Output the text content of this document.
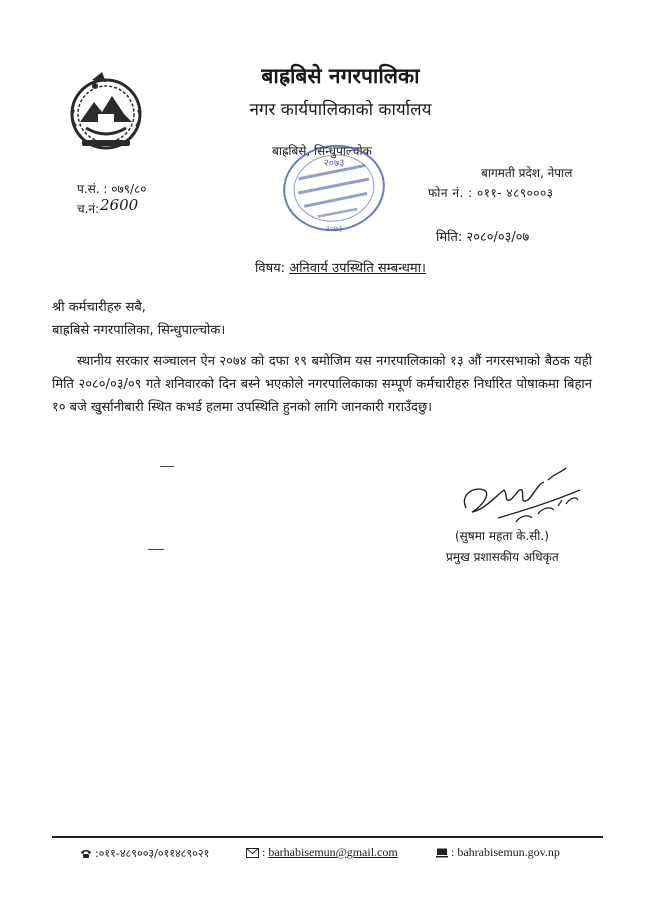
बाह्रबिसे नगरपालिका
नगर कार्यपालिकाको कार्यालय
बाह्रबिसे, सिन्धुपाल्चोक
बागमती प्रदेश, नेपाल
फोन नं. : ०११- ४८९०००३
२०७३
२०७३
प.सं. : ०७९/८०
च.नं: 2600
मिति: २०८०/०३/०७
विषय: अनिवार्य उपस्थिति सम्बन्धमा।
श्री कर्मचारीहरु सबै,
बाह्रबिसे नगरपालिका, सिन्धुपाल्चोक।
स्थानीय सरकार सञ्चालन ऐन २०७४ को दफा १९ बमोजिम यस नगरपालिकाको १३ औं नगरसभाको बैठक यही मिति २०८०/०३/०९ गते शनिवारको दिन बस्ने भएकोले नगरपालिकाका सम्पूर्ण कर्मचारीहरु निर्धारित पोषाकमा बिहान १० बजे खुर्सानीबारी स्थित कभर्ड हलमा उपस्थिति हुनको लागि जानकारी गराउँदछु।
(सुषमा महता के.सी.)
प्रमुख प्रशासकीय अधिकृत
:०११-४८९००३/०११४८९०२१	: barhabisemun@gmail.com	: bahrabisemun.gov.np
